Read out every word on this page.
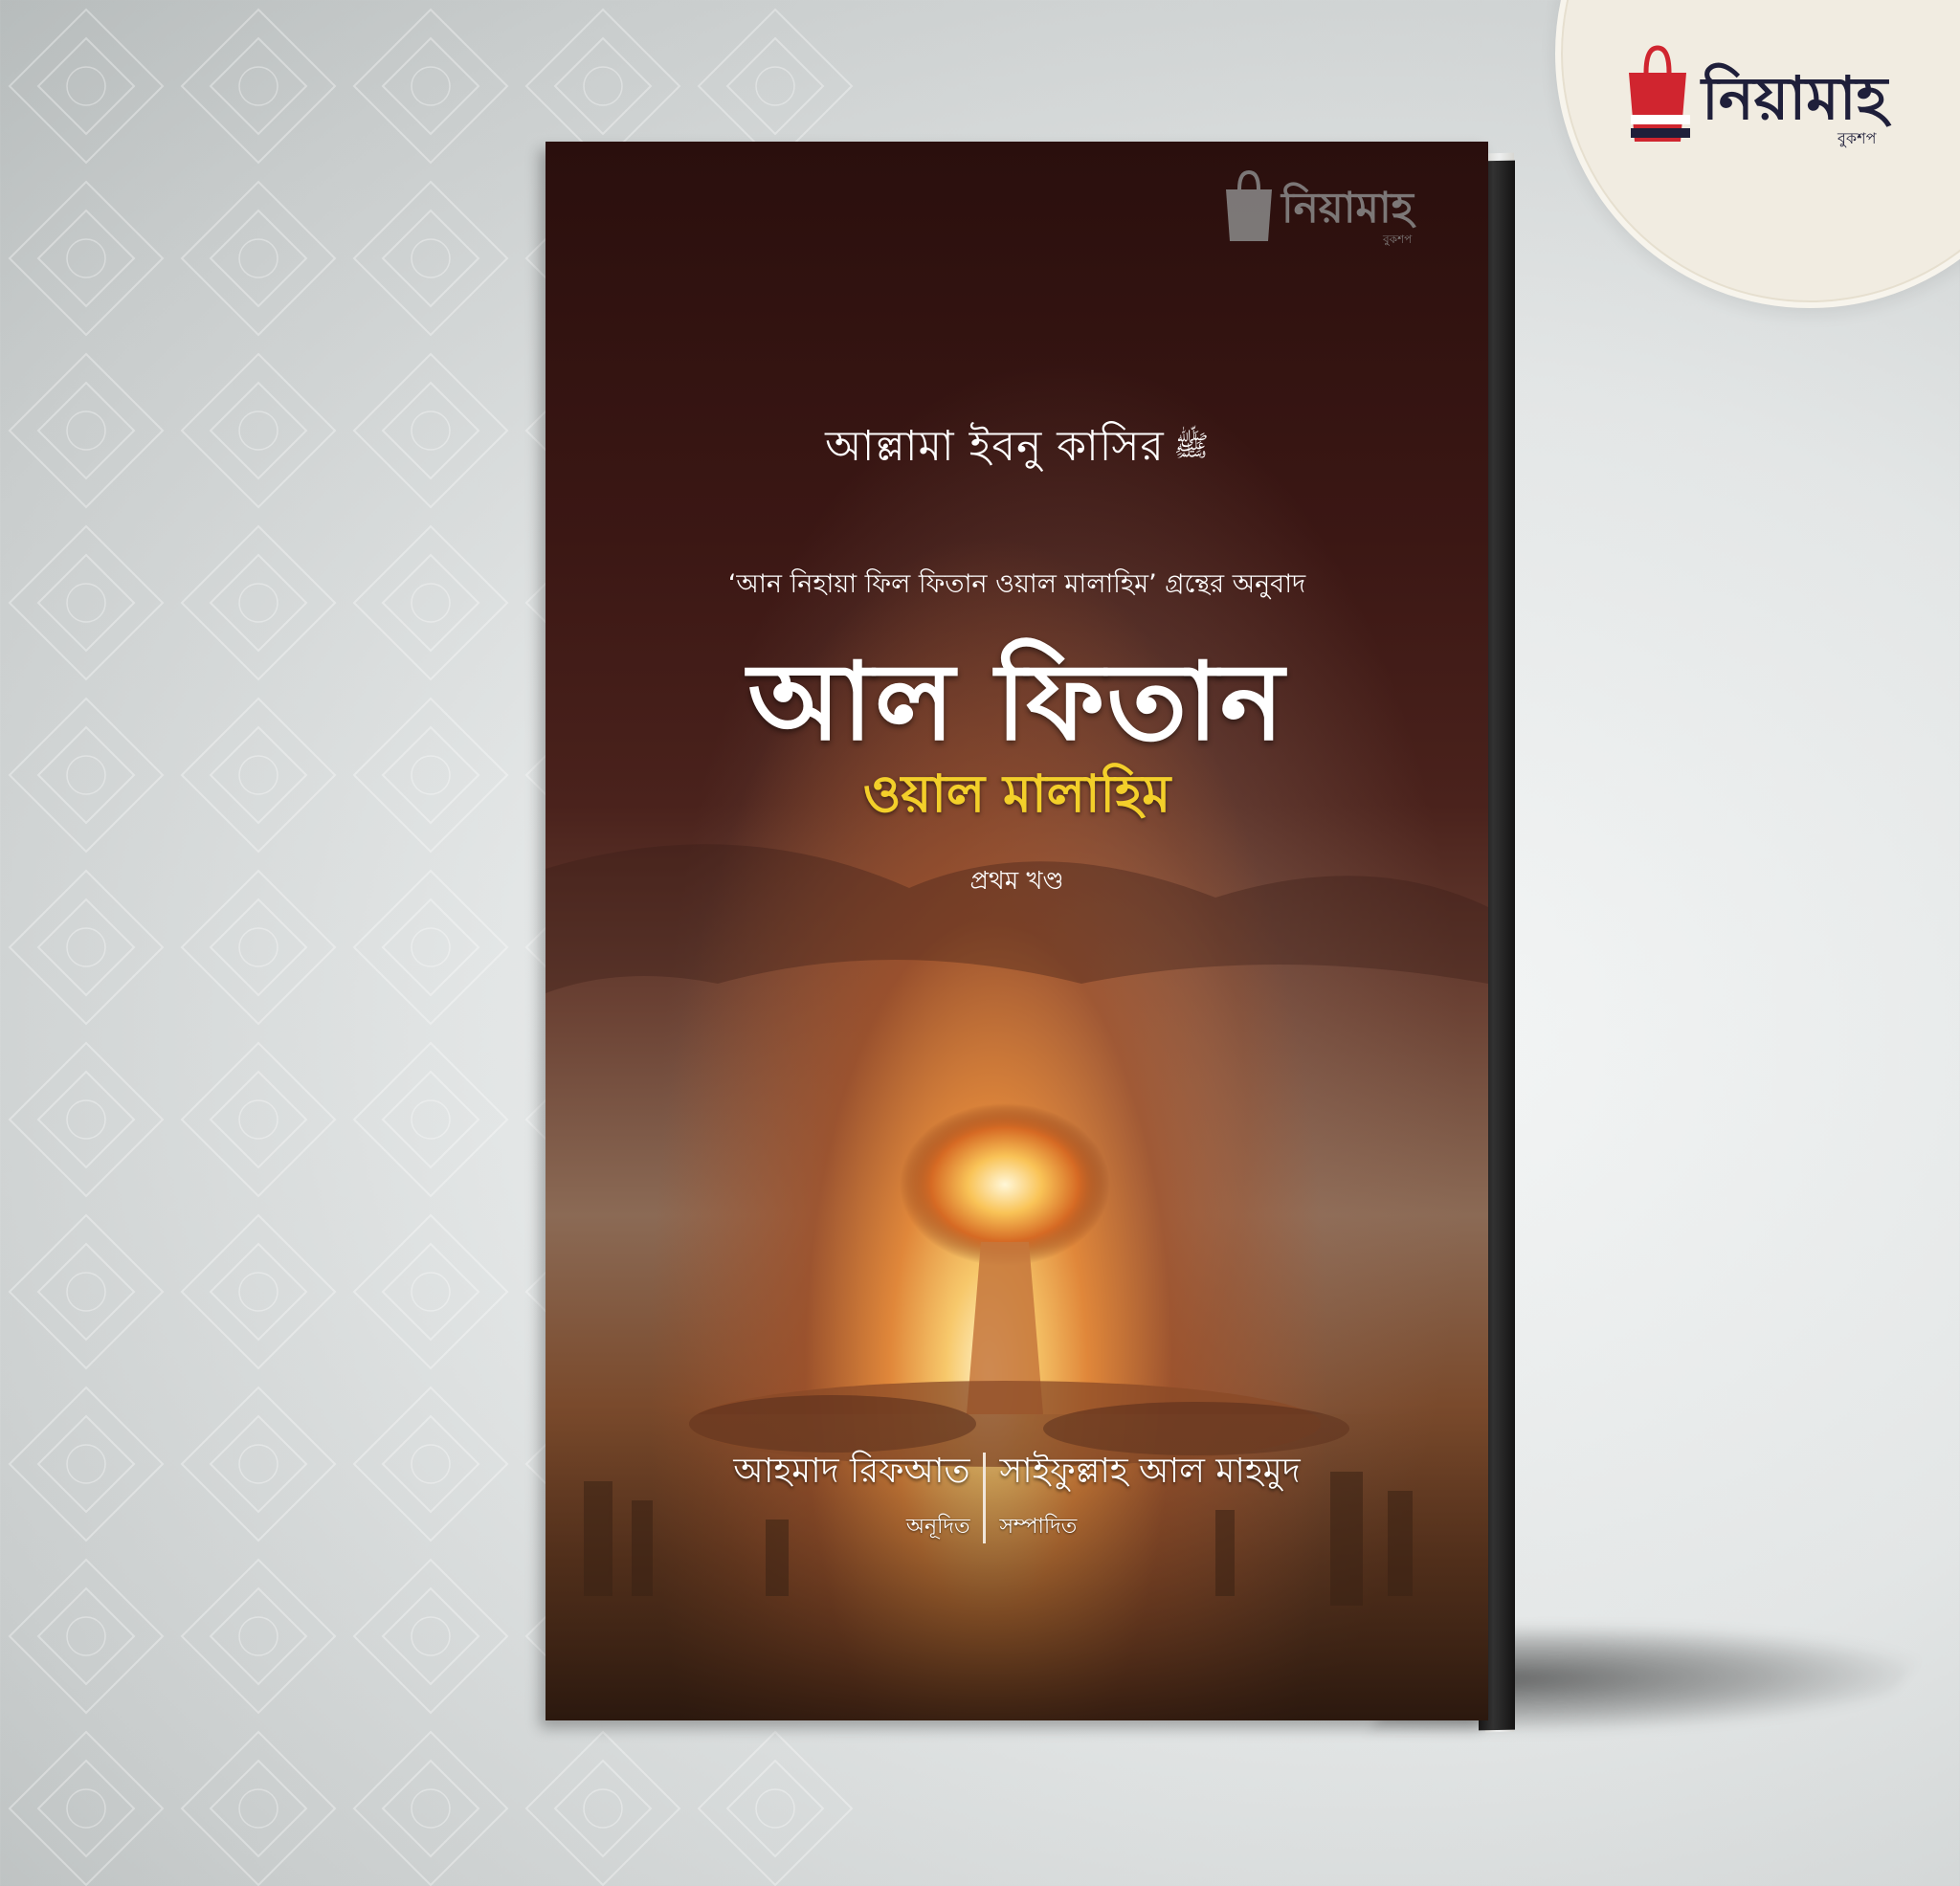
নিয়ামাহ
বুকশপ
নিয়ামাহ
বুকশপ
আল্লামা ইবনু কাসির ﷺ
‘আন নিহায়া ফিল ফিতান ওয়াল মালাহিম’ গ্রন্থের অনুবাদ
আল ফিতান
ওয়াল মালাহিম
প্রথম খণ্ড
আহমাদ রিফআত
অনূদিত
সাইফুল্লাহ আল মাহমুদ
সম্পাদিত
